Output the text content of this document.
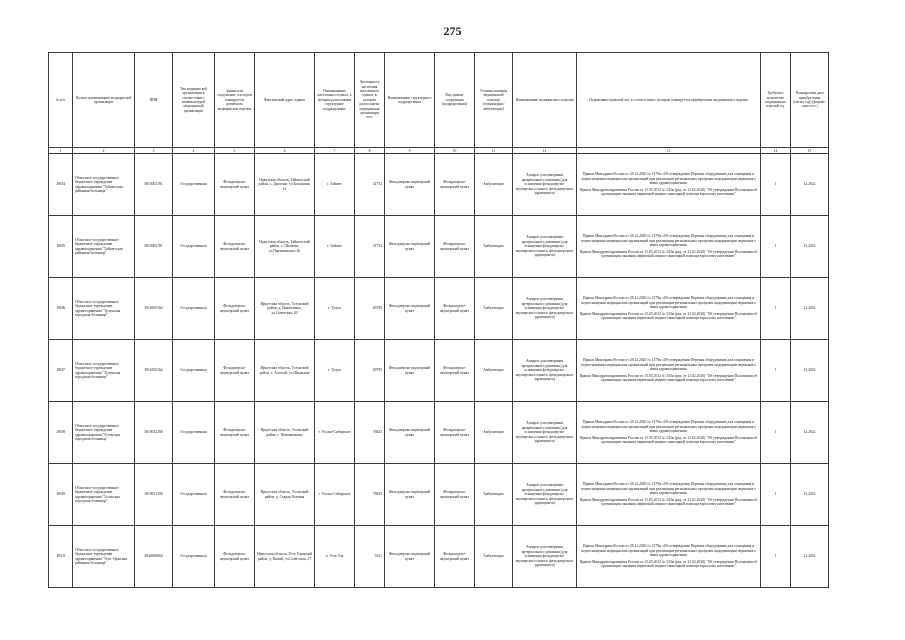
275
№ п/п	Полное наименование медицинской организации	ИНН	Тип медицинской организации в соответствии с номенклатурой медицинской организации	Здание или сооружение, в котором планируется размещать медицинские изделия	Фактический адрес здания	Наименование населенного пункта, в котором расположена структурное подразделение	Численность населения населенного пункта, в котором расположено медицинская организация чел.	Наименование структурного подразделения	Вид здания/сооружения (подразделения)	Условия оказания медицинской помощи (стационарно/амбулаторно)	Наименование медицинского изделия	Нормативно-правовой акт, в соответствии с которым планируется приобретение медицинского изделия	Требуемое количество медицинских изделий, ед.	Планируемая дата приобретения (месяц, год) (формат: «мм.гггг»)
1	2	3	4	5	6	7	8	9	10	11	12	13	14	15
1804	Областное государственное бюджетное учреждение здравоохранения "Тайшетская районная больница"	3815002781	Государственная	Фельдшерско-акушерский пункт	Иркутская область, Тайшетский район, с. Джогино, ул.Боханская, 1а	г. Тайшет	32754	Фельдшерско-акушерский пункт	Фельдшерско-акушерский пункт	Амбулаторно	Аппарат для измерения артериального давления (для оснащения фельдшерско-акушерского пункта, фельдшерского здравпункта)	Приказ Минздрава России от 28.12.2020 № 1379н «Об утверждении Перечня оборудования для оснащения и переоснащения медицинских организаций при реализации региональных программ модернизации первичного звена здравоохранения»
Приказ Минздравсоцразвития России от 15.05.2012 № 543н (ред. от 21.02.2020) "Об утверждении Положения об организации оказания первичной медико-санитарной помощи взрослому населению"	1	12.2022
1805	Областное государственное бюджетное учреждение здравоохранения "Тайшетская районная больница"	3815002781	Государственная	Фельдшерско-акушерский пункт	Иркутская область, Тайшетский район, с. Шелаево, ул.Партизанская, 26	г. Тайшет	32754	Фельдшерско-акушерский пункт	Фельдшерско-акушерский пункт	Амбулаторно	Аппарат для измерения артериального давления (для оснащения фельдшерско-акушерского пункта, фельдшерского здравпункта)	Приказ Минздрава России от 28.12.2020 № 1379н «Об утверждении Перечня оборудования для оснащения и переоснащения медицинских организаций при реализации региональных программ модернизации первичного звена здравоохранения»
Приказ Минздравсоцразвития России от 15.05.2012 № 543н (ред. от 21.02.2020) "Об утверждении Положения об организации оказания первичной медико-санитарной помощи взрослому населению"	1	12.2022
1806	Областное государственное бюджетное учреждение здравоохранения "Тулунская городская больница"	3816001164	Государственная	Фельдшерско-акушерский пункт	Иркутская область, Тулунский район, д. Никитаевка, ул.Советская, 20	г. Тулун	40793	Фельдшерско-акушерский пункт	Фельдшерско-акушерский пункт	Амбулаторно	Аппарат для измерения артериального давления (для оснащения фельдшерско-акушерского пункта, фельдшерского здравпункта)	Приказ Минздрава России от 28.12.2020 № 1379н «Об утверждении Перечня оборудования для оснащения и переоснащения медицинских организаций при реализации региональных программ модернизации первичного звена здравоохранения»
Приказ Минздравсоцразвития России от 15.05.2012 № 543н (ред. от 21.02.2020) "Об утверждении Положения об организации оказания первичной медико-санитарной помощи взрослому населению"	1	12.2022
1807	Областное государственное бюджетное учреждение здравоохранения "Тулунская городская больница"	3816001164	Государственная	Фельдшерско-акушерский пункт	Иркутская область, Тулунский район, с. Алгатуй, ул.Школьная	г. Тулун	40793	Фельдшерско-акушерский пункт	Фельдшерско-акушерский пункт	Амбулаторно	Аппарат для измерения артериального давления (для оснащения фельдшерско-акушерского пункта, фельдшерского здравпункта)	Приказ Минздрава России от 28.12.2020 № 1379н «Об утверждении Перечня оборудования для оснащения и переоснащения медицинских организаций при реализации региональных программ модернизации первичного звена здравоохранения»
Приказ Минздравсоцразвития России от 15.05.2012 № 543н (ред. от 21.02.2020) "Об утверждении Положения об организации оказания первичной медико-санитарной помощи взрослому населению"	1	12.2022
1808	Областное государственное бюджетное учреждение здравоохранения "Усольская городская больница"	3819012290	Государственная	Фельдшерско-акушерский пункт	Иркутская область, Усольский район, с. Новожилкино	г. Усолье-Сибирское	76825	Фельдшерско-акушерский пункт	Фельдшерско-акушерский пункт	Амбулаторно	Аппарат для измерения артериального давления (для оснащения фельдшерско-акушерского пункта, фельдшерского здравпункта)	Приказ Минздрава России от 28.12.2020 № 1379н «Об утверждении Перечня оборудования для оснащения и переоснащения медицинских организаций при реализации региональных программ модернизации первичного звена здравоохранения»
Приказ Минздравсоцразвития России от 15.05.2012 № 543н (ред. от 21.02.2020) "Об утверждении Положения об организации оказания первичной медико-санитарной помощи взрослому населению"	1	12.2022
1809	Областное государственное бюджетное учреждение здравоохранения "Усольская городская больница"	3819012290	Государственная	Фельдшерско-акушерский пункт	Иркутская область, Усольский район, д. Старая Ясачная	г. Усолье-Сибирское	76825	Фельдшерско-акушерский пункт	Фельдшерско-акушерский пункт	Амбулаторно	Аппарат для измерения артериального давления (для оснащения фельдшерско-акушерского пункта, фельдшерского здравпункта)	Приказ Минздрава России от 28.12.2020 № 1379н «Об утверждении Перечня оборудования для оснащения и переоснащения медицинских организаций при реализации региональных программ модернизации первичного звена здравоохранения»
Приказ Минздравсоцразвития России от 15.05.2012 № 543н (ред. от 21.02.2020) "Об утверждении Положения об организации оказания первичной медико-санитарной помощи взрослому населению"	1	12.2022
1810	Областное государственное бюджетное учреждение здравоохранения "Усть-Удинская районная больница"	3842000860	Государственная	Фельдшерско-акушерский пункт	Иркутская область, Усть-Удинский район, д. Кижей, ул.Советская, 27	п. Усть-Уда	5521	Фельдшерско-акушерский пункт	Фельдшерско-акушерский пункт	Амбулаторно	Аппарат для измерения артериального давления (для оснащения фельдшерско-акушерского пункта, фельдшерского здравпункта)	Приказ Минздрава России от 28.12.2020 № 1379н «Об утверждении Перечня оборудования для оснащения и переоснащения медицинских организаций при реализации региональных программ модернизации первичного звена здравоохранения»
Приказ Минздравсоцразвития России от 15.05.2012 № 543н (ред. от 21.02.2020) "Об утверждении Положения об организации оказания первичной медико-санитарной помощи взрослому населению"	1	12.2022
